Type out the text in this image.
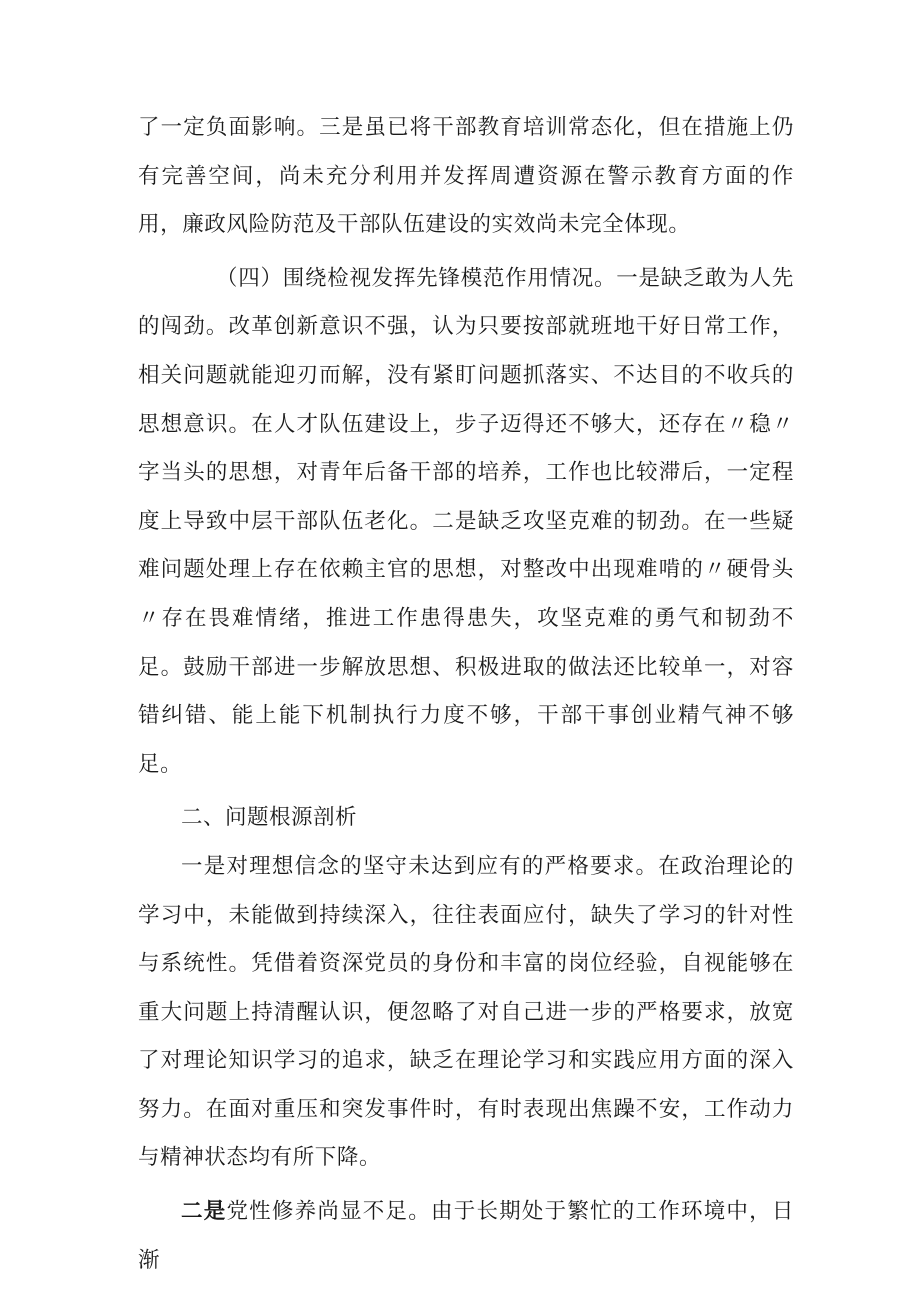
了一定负面影响。三是虽已将干部教育培训常态化，但在措施上仍有完善空间，尚未充分利用并发挥周遭资源在警示教育方面的作用，廉政风险防范及干部队伍建设的实效尚未完全体现。

（四）围绕检视发挥先锋模范作用情况。一是缺乏敢为人先的闯劲。改革创新意识不强，认为只要按部就班地干好日常工作，相关问题就能迎刃而解，没有紧盯问题抓落实、不达目的不收兵的思想意识。在人才队伍建设上，步子迈得还不够大，还存在〃稳〃字当头的思想，对青年后备干部的培养，工作也比较滞后，一定程度上导致中层干部队伍老化。二是缺乏攻坚克难的韧劲。在一些疑难问题处理上存在依赖主官的思想，对整改中出现难啃的〃硬骨头〃存在畏难情绪，推进工作患得患失，攻坚克难的勇气和韧劲不足。鼓励干部进一步解放思想、积极进取的做法还比较单一，对容错纠错、能上能下机制执行力度不够，干部干事创业精气神不够足。

二、问题根源剖析

一是对理想信念的坚守未达到应有的严格要求。在政治理论的学习中，未能做到持续深入，往往表面应付，缺失了学习的针对性与系统性。凭借着资深党员的身份和丰富的岗位经验，自视能够在重大问题上持清醒认识，便忽略了对自己进一步的严格要求，放宽了对理论知识学习的追求，缺乏在理论学习和实践应用方面的深入努力。在面对重压和突发事件时，有时表现出焦躁不安，工作动力与精神状态均有所下降。

二是党性修养尚显不足。由于长期处于繁忙的工作环境中，日渐
